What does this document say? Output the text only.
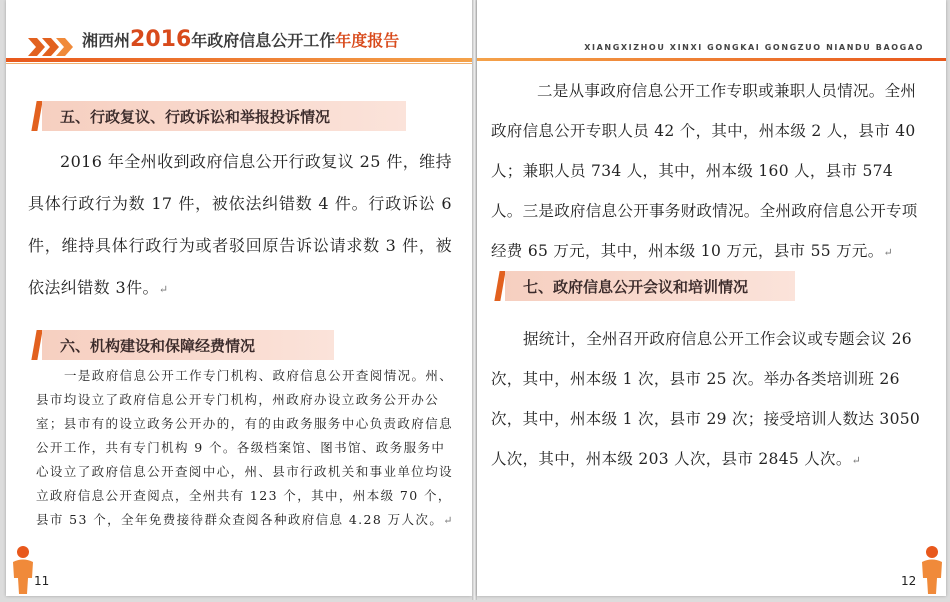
湘西州2016年政府信息公开工作年度报告
五、行政复议、行政诉讼和举报投诉情况
2016 年全州收到政府信息公开行政复议 25 件，维持具体行政行为数 17 件，被依法纠错数 4 件。行政诉讼 6 件，维持具体行政行为或者驳回原告诉讼请求数 3 件，被依法纠错数 3件。↵
六、机构建设和保障经费情况
一是政府信息公开工作专门机构、政府信息公开查阅情况。州、县市均设立了政府信息公开专门机构，州政府办设立政务公开办公室；县市有的设立政务公开办的，有的由政务服务中心负责政府信息公开工作，共有专门机构 9 个。各级档案馆、图书馆、政务服务中心设立了政府信息公开查阅中心，州、县市行政机关和事业单位均设立政府信息公开查阅点，全州共有 123 个，其中，州本级 70 个，县市 53 个，全年免费接待群众查阅各种政府信息 4.28 万人次。↵
11
XIANGXIZHOU XINXI GONGKAI GONGZUO NIANDU BAOGAO
二是从事政府信息公开工作专职或兼职人员情况。全州政府信息公开专职人员 42 个，其中，州本级 2 人，县市 40 人；兼职人员 734 人，其中，州本级 160 人，县市 574 人。三是政府信息公开事务财政情况。全州政府信息公开专项经费 65 万元，其中，州本级 10 万元，县市 55 万元。↵
七、政府信息公开会议和培训情况
据统计，全州召开政府信息公开工作会议或专题会议 26 次，其中，州本级 1 次，县市 25 次。举办各类培训班 26 次，其中，州本级 1 次，县市 29 次；接受培训人数达 3050 人次，其中，州本级 203 人次，县市 2845 人次。↵
12
